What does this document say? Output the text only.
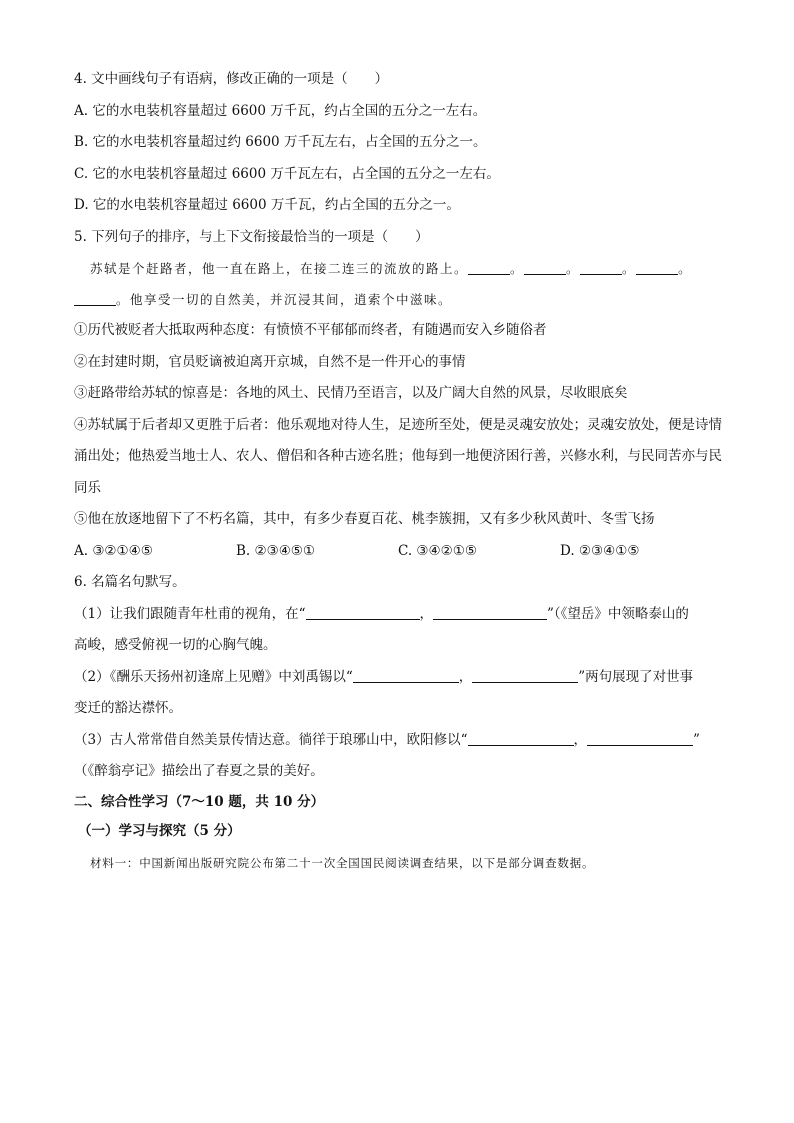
4. 文中画线句子有语病，修改正确的一项是（　　）
A. 它的水电装机容量超过 6600 万千瓦，约占全国的五分之一左右。
B. 它的水电装机容量超过约 6600 万千瓦左右，占全国的五分之一。
C. 它的水电装机容量超过 6600 万千瓦左右，占全国的五分之一左右。
D. 它的水电装机容量超过 6600 万千瓦，约占全国的五分之一。
5. 下列句子的排序，与上下文衔接最恰当的一项是（　　）
苏轼是个赶路者，他一直在路上，在接二连三的流放的路上。	。	。	。	。
。他享受一切的自然美，并沉浸其间，逍索个中滋味。
①历代被贬者大抵取两种态度：有愤愤不平郁郁而终者，有随遇而安入乡随俗者
②在封建时期，官员贬谪被迫离开京城，自然不是一件开心的事情
③赶路带给苏轼的惊喜是：各地的风土、民情乃至语言，以及广阔大自然的风景，尽收眼底矣
④苏轼属于后者却又更胜于后者：他乐观地对待人生，足迹所至处，便是灵魂安放处；灵魂安放处，便是诗情涌出处；他热爱当地士人、农人、僧侣和各种古迹名胜；他每到一地便济困行善，兴修水利，与民同苦亦与民同乐
⑤他在放逐地留下了不朽名篇，其中，有多少春夏百花、桃李簇拥，又有多少秋风黄叶、冬雪飞扬
A. ③②①④⑤	B. ②③④⑤①	C. ③④②①⑤	D. ②③④①⑤
6. 名篇名句默写。
（1）让我们跟随青年杜甫的视角，在“	，	”（《望岳》中领略泰山的
高峻，感受俯视一切的心胸气魄。
（2）《酬乐天扬州初逢席上见赠》中刘禹锡以“	，	”两句展现了对世事
变迁的豁达襟怀。
（3）古人常常借自然美景传情达意。徜徉于琅琊山中，欧阳修以“	，	”
（《醉翁亭记》描绘出了春夏之景的美好。
二、综合性学习（7～10 题，共 10 分）
（一）学习与探究（5 分）
材料一：中国新闻出版研究院公布第二十一次全国国民阅读调查结果，以下是部分调查数据。
